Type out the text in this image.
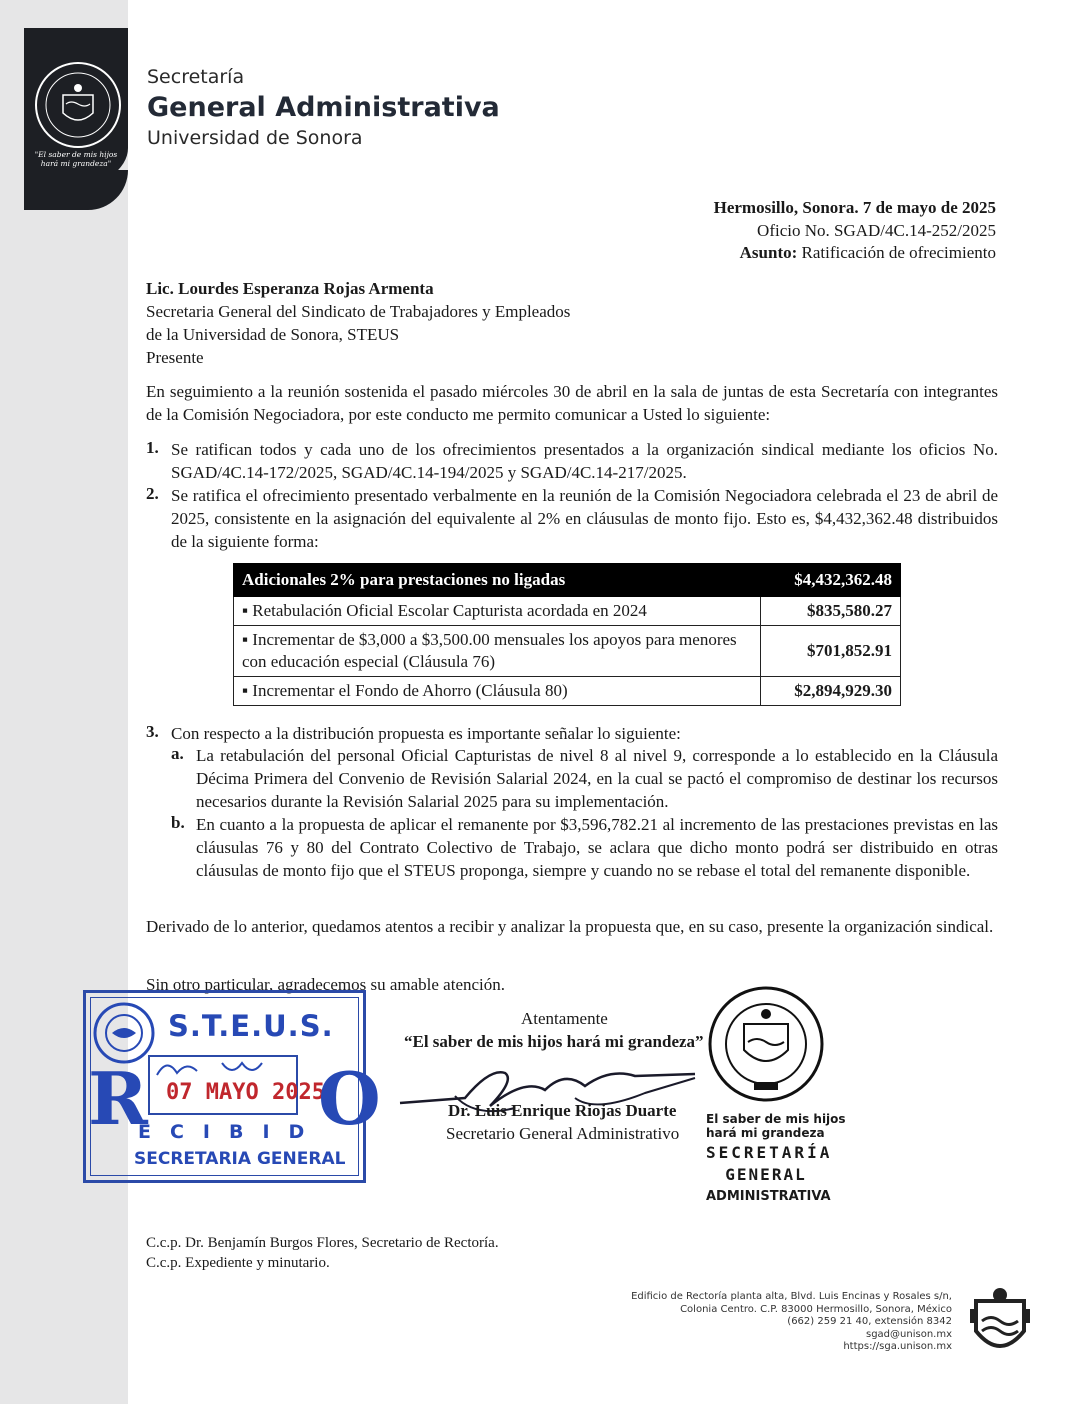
"El saber de mis hijos hará mi grandeza"
Secretaría
General Administrativa
Universidad de Sonora
Hermosillo, Sonora. 7 de mayo de 2025
Oficio No. SGAD/4C.14-252/2025
Asunto: Ratificación de ofrecimiento
Lic. Lourdes Esperanza Rojas Armenta
Secretaria General del Sindicato de Trabajadores y Empleados
de la Universidad de Sonora, STEUS
Presente
En seguimiento a la reunión sostenida el pasado miércoles 30 de abril en la sala de juntas de esta Secretaría con integrantes de la Comisión Negociadora, por este conducto me permito comunicar a Usted lo siguiente:
1. Se ratifican todos y cada uno de los ofrecimientos presentados a la organización sindical mediante los oficios No. SGAD/4C.14-172/2025, SGAD/4C.14-194/2025 y SGAD/4C.14-217/2025.
2. Se ratifica el ofrecimiento presentado verbalmente en la reunión de la Comisión Negociadora celebrada el 23 de abril de 2025, consistente en la asignación del equivalente al 2% en cláusulas de monto fijo. Esto es, $4,432,362.48 distribuidos de la siguiente forma:
Adicionales 2% para prestaciones no ligadas	$4,432,362.48
▪ Retabulación Oficial Escolar Capturista acordada en 2024	$835,580.27
▪ Incrementar de $3,000 a $3,500.00 mensuales los apoyos para menores con educación especial (Cláusula 76)	$701,852.91
▪ Incrementar el Fondo de Ahorro (Cláusula 80)	$2,894,929.30
3. Con respecto a la distribución propuesta es importante señalar lo siguiente:
a. La retabulación del personal Oficial Capturistas de nivel 8 al nivel 9, corresponde a lo establecido en la Cláusula Décima Primera del Convenio de Revisión Salarial 2024, en la cual se pactó el compromiso de destinar los recursos necesarios durante la Revisión Salarial 2025 para su implementación.
b. En cuanto a la propuesta de aplicar el remanente por $3,596,782.21 al incremento de las prestaciones previstas en las cláusulas 76 y 80 del Contrato Colectivo de Trabajo, se aclara que dicho monto podrá ser distribuido en otras cláusulas de monto fijo que el STEUS proponga, siempre y cuando no se rebase el total del remanente disponible.
Derivado de lo anterior, quedamos atentos a recibir y analizar la propuesta que, en su caso, presente la organización sindical.
Sin otro particular, agradecemos su amable atención.
Atentamente
“El saber de mis hijos hará mi grandeza”
Dr. Luis Enrique Riojas Duarte
Secretario General Administrativo
El saber de mis hijos
hará mi grandeza
SECRETARÍA
GENERAL
ADMINISTRATIVA
S.T.E.U.S.
R 07 MAYO 2025
O
ECIBID
SECRETARIA GENERAL
C.c.p. Dr. Benjamín Burgos Flores, Secretario de Rectoría.
C.c.p. Expediente y minutario.
Edificio de Rectoría planta alta, Blvd. Luis Encinas y Rosales s/n,
Colonia Centro. C.P. 83000 Hermosillo, Sonora, México
(662) 259 21 40, extensión 8342
sgad@unison.mx
https://sga.unison.mx
